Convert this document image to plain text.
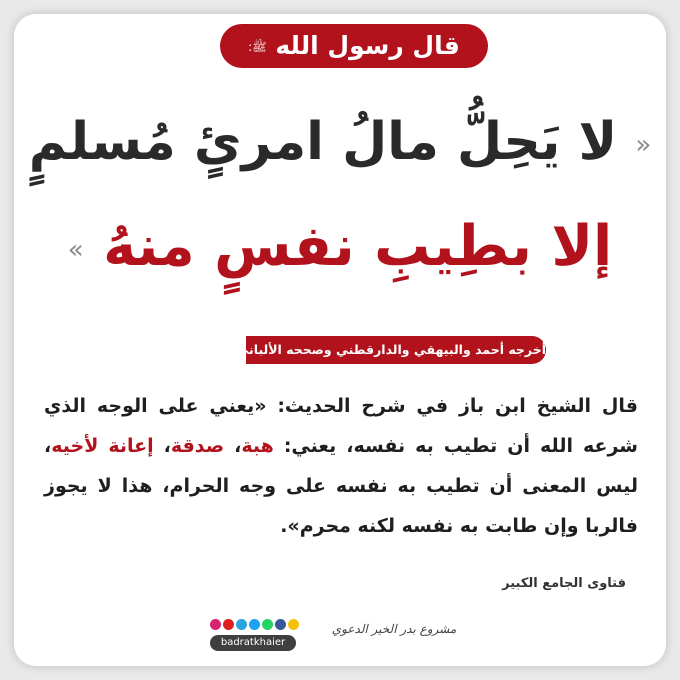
قال رسول الله ﷺ:
« لا يَحِلُّ مالُ امرئٍ مُسلمٍ
إلا بطِيبِ نفسٍ منهُ »
أخرجه أحمد والبيهقي والدارقطني وصححه الألباني
قال الشيخ ابن باز في شرح الحديث: «يعني على الوجه الذي شرعه الله أن تطيب به نفسه، يعني: هبة، صدقة، إعانة لأخيه، ليس المعنى أن تطيب به نفسه على وجه الحرام، هذا لا يجوز فالربا وإن طابت به نفسه لكنه محرم».
فتاوى الجامع الكبير
مشروع بدر الخير الدعوي
badratkhaier
